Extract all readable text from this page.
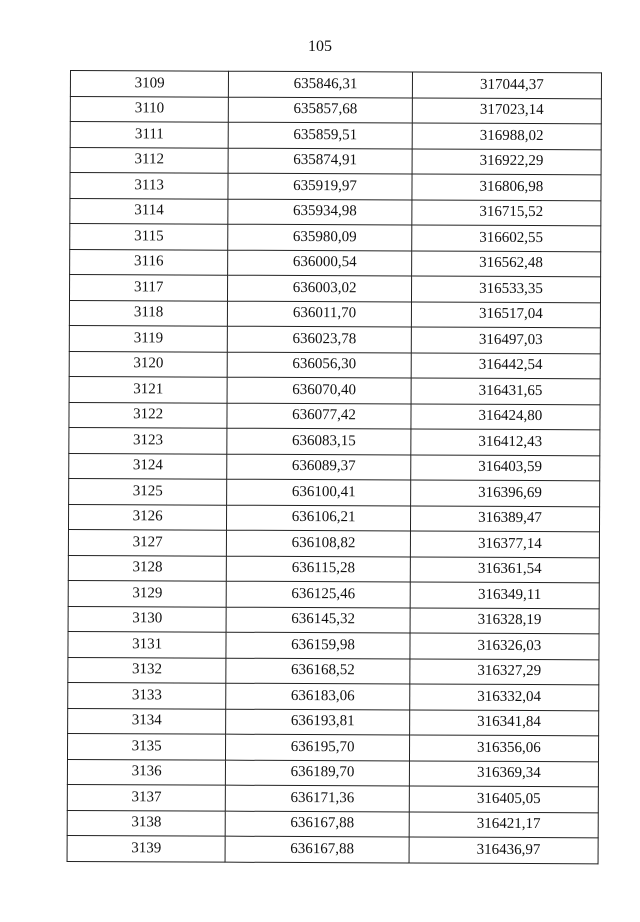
105
3109	635846,31	317044,37
3110	635857,68	317023,14
3111	635859,51	316988,02
3112	635874,91	316922,29
3113	635919,97	316806,98
3114	635934,98	316715,52
3115	635980,09	316602,55
3116	636000,54	316562,48
3117	636003,02	316533,35
3118	636011,70	316517,04
3119	636023,78	316497,03
3120	636056,30	316442,54
3121	636070,40	316431,65
3122	636077,42	316424,80
3123	636083,15	316412,43
3124	636089,37	316403,59
3125	636100,41	316396,69
3126	636106,21	316389,47
3127	636108,82	316377,14
3128	636115,28	316361,54
3129	636125,46	316349,11
3130	636145,32	316328,19
3131	636159,98	316326,03
3132	636168,52	316327,29
3133	636183,06	316332,04
3134	636193,81	316341,84
3135	636195,70	316356,06
3136	636189,70	316369,34
3137	636171,36	316405,05
3138	636167,88	316421,17
3139	636167,88	316436,97
